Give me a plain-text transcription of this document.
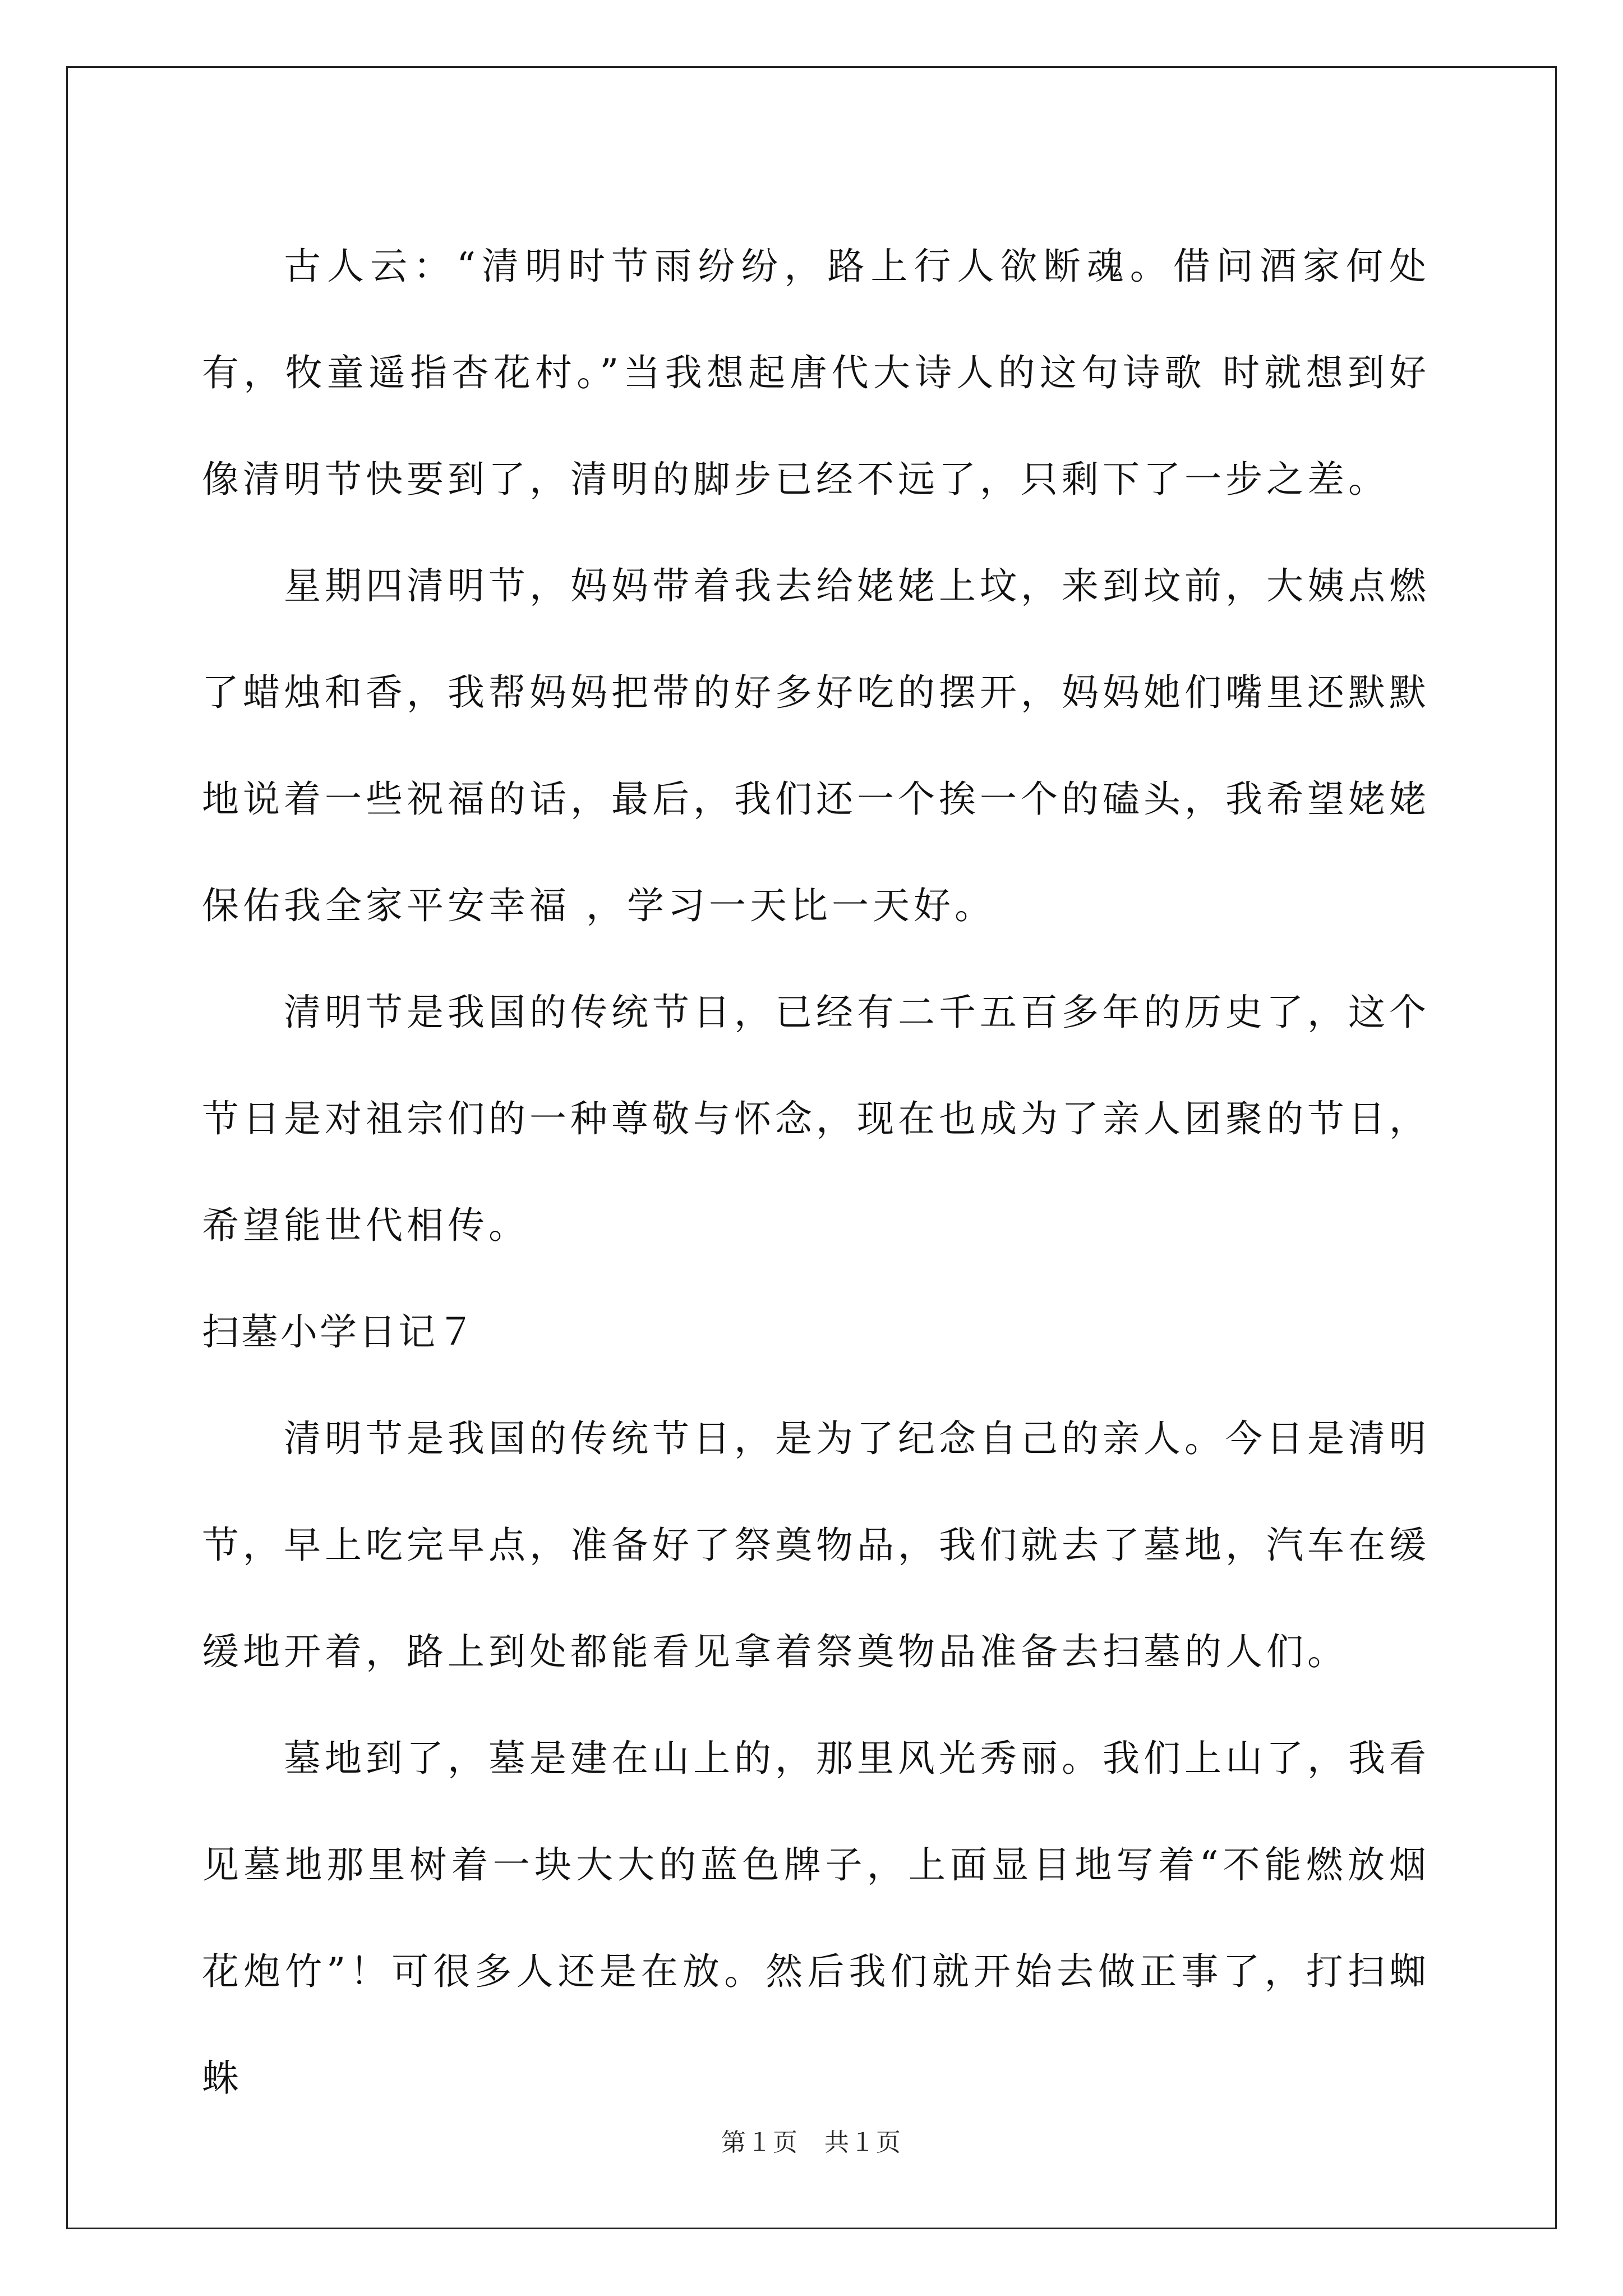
古人云：“清明时节雨纷纷，路上行人欲断魂。借问酒家何处有，牧童遥指杏花村。”当我想起唐代大诗人的这句诗歌 时就想到好像清明节快要到了，清明的脚步已经不远了，只剩下了一步之差。

星期四清明节，妈妈带着我去给姥姥上坟，来到坟前，大姨点燃了蜡烛和香，我帮妈妈把带的好多好吃的摆开，妈妈她们嘴里还默默地说着一些祝福的话，最后，我们还一个挨一个的磕头，我希望姥姥保佑我全家平安幸福 ，学习一天比一天好。

清明节是我国的传统节日，已经有二千五百多年的历史了，这个节日是对祖宗们的一种尊敬与怀念，现在也成为了亲人团聚的节日，希望能世代相传。

扫墓小学日记７

清明节是我国的传统节日，是为了纪念自己的亲人。今日是清明节，早上吃完早点，准备好了祭奠物品，我们就去了墓地，汽车在缓缓地开着，路上到处都能看见拿着祭奠物品准备去扫墓的人们。

墓地到了，墓是建在山上的，那里风光秀丽。我们上山了，我看见墓地那里树着一块大大的蓝色牌子，上面显目地写着“不能燃放烟花炮竹”！可很多人还是在放。然后我们就开始去做正事了，打扫蜘蛛

第１页　共１页
